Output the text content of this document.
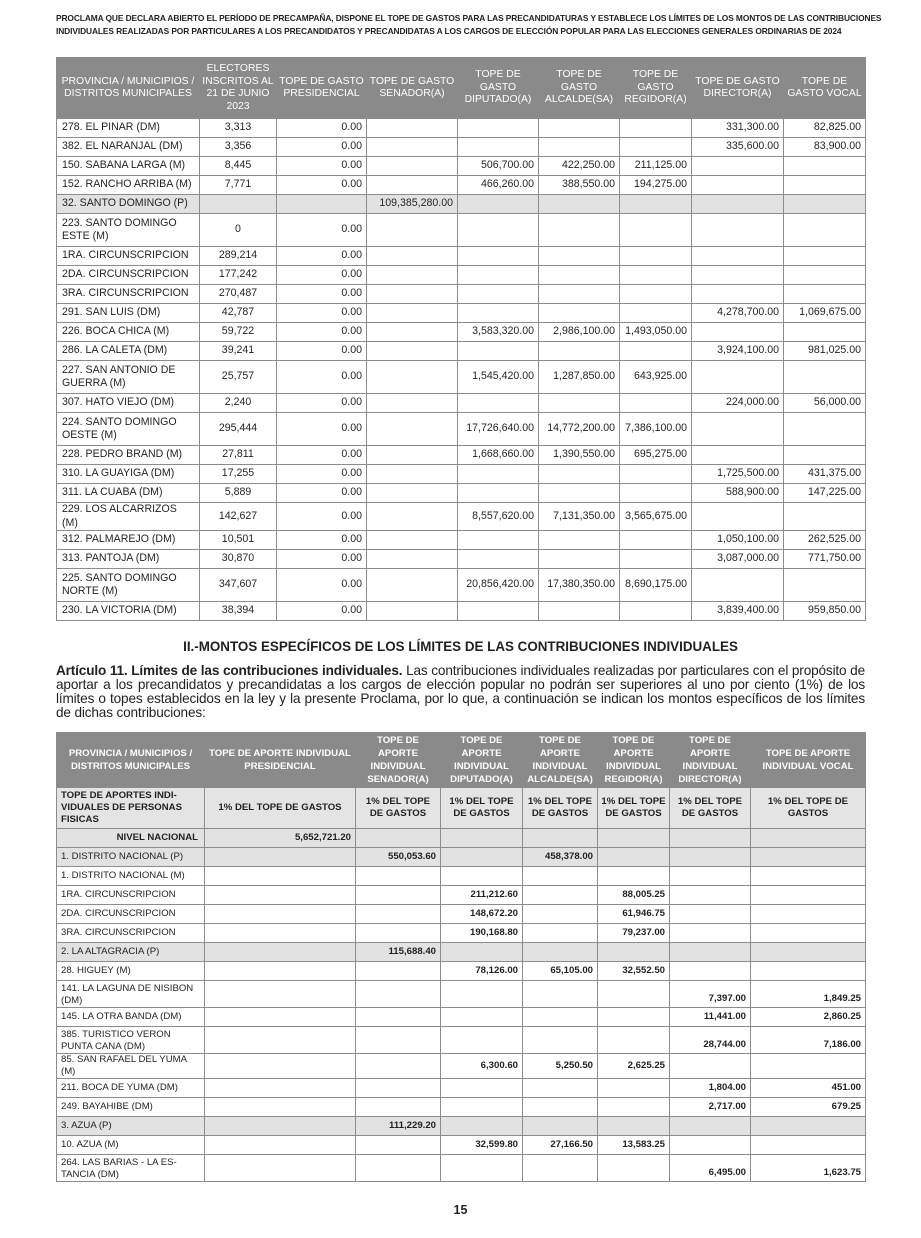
PROCLAMA QUE DECLARA ABIERTO EL PERÍODO DE PRECAMPAÑA, DISPONE EL TOPE DE GASTOS PARA LAS PRECANDIDATURAS Y ESTABLECE LOS LÍMITES DE LOS MONTOS DE LAS CONTRIBUCIONES
INDIVIDUALES REALIZADAS POR PARTICULARES A LOS PRECANDIDATOS Y PRECANDIDATAS A LOS CARGOS DE ELECCIÓN POPULAR PARA LAS ELECCIONES GENERALES ORDINARIAS DE 2024
PROVINCIA / MUNICIPIOS / DISTRITOS MUNICIPALES	ELECTORES INSCRITOS AL 21 DE JUNIO 2023	TOPE DE GASTO PRESIDENCIAL	TOPE DE GASTO SENADOR(A)	TOPE DE GASTO DIPUTADO(A)	TOPE DE GASTO ALCALDE(SA)	TOPE DE GASTO REGIDOR(A)	TOPE DE GASTO DIRECTOR(A)	TOPE DE GASTO VOCAL
278. EL PINAR (DM)	3,313	0.00					331,300.00	82,825.00
382. EL NARANJAL (DM)	3,356	0.00					335,600.00	83,900.00
150. SABANA LARGA (M)	8,445	0.00		506,700.00	422,250.00	211,125.00		
152. RANCHO ARRIBA (M)	7,771	0.00		466,260.00	388,550.00	194,275.00		
32. SANTO DOMINGO (P)			109,385,280.00					
223. SANTO DOMINGO ESTE (M)	0	0.00						
1RA. CIRCUNSCRIPCION	289,214	0.00						
2DA. CIRCUNSCRIPCION	177,242	0.00						
3RA. CIRCUNSCRIPCION	270,487	0.00						
291. SAN LUIS (DM)	42,787	0.00					4,278,700.00	1,069,675.00
226. BOCA CHICA (M)	59,722	0.00		3,583,320.00	2,986,100.00	1,493,050.00		
286. LA CALETA (DM)	39,241	0.00					3,924,100.00	981,025.00
227. SAN ANTONIO DE GUERRA (M)	25,757	0.00		1,545,420.00	1,287,850.00	643,925.00		
307. HATO VIEJO (DM)	2,240	0.00					224,000.00	56,000.00
224. SANTO DOMINGO OESTE (M)	295,444	0.00		17,726,640.00	14,772,200.00	7,386,100.00		
228. PEDRO BRAND (M)	27,811	0.00		1,668,660.00	1,390,550.00	695,275.00		
310. LA GUAYIGA (DM)	17,255	0.00					1,725,500.00	431,375.00
311. LA CUABA (DM)	5,889	0.00					588,900.00	147,225.00
229. LOS ALCARRIZOS (M)	142,627	0.00		8,557,620.00	7,131,350.00	3,565,675.00		
312. PALMAREJO (DM)	10,501	0.00					1,050,100.00	262,525.00
313. PANTOJA (DM)	30,870	0.00					3,087,000.00	771,750.00
225. SANTO DOMINGO NORTE (M)	347,607	0.00		20,856,420.00	17,380,350.00	8,690,175.00		
230. LA VICTORIA (DM)	38,394	0.00					3,839,400.00	959,850.00
II.-MONTOS ESPECÍFICOS DE LOS LÍMITES DE LAS CONTRIBUCIONES INDIVIDUALES
Artículo 11. Límites de las contribuciones individuales. Las contribuciones individuales realizadas por particulares con el propósito de aportar a los precandidatos y precandidatas a los cargos de elección popular no podrán ser superiores al uno por ciento (1%) de los límites o topes establecidos en la ley y la presente Proclama, por lo que, a continuación se indican los montos específicos de los límites de dichas contribuciones:
PROVINCIA / MUNICIPIOS / DISTRITOS MUNICIPALES	TOPE DE APORTE INDIVIDUAL PRESIDENCIAL	TOPE DE APORTE INDIVIDUAL SENADOR(A)	TOPE DE APORTE INDIVIDUAL DIPUTADO(A)	TOPE DE APORTE INDIVIDUAL ALCALDE(SA)	TOPE DE APORTE INDIVIDUAL REGIDOR(A)	TOPE DE APORTE INDIVIDUAL DIRECTOR(A)	TOPE DE APORTE INDIVIDUAL VOCAL
TOPE DE APORTES INDI-VIDUALES DE PERSONAS FISICAS	1% DEL TOPE DE GASTOS	1% DEL TOPE DE GASTOS	1% DEL TOPE DE GASTOS	1% DEL TOPE DE GASTOS	1% DEL TOPE DE GASTOS	1% DEL TOPE DE GASTOS	1% DEL TOPE DE GASTOS
NIVEL NACIONAL	5,652,721.20						
1. DISTRITO NACIONAL (P)		550,053.60		458,378.00			
1. DISTRITO NACIONAL (M)							
1RA. CIRCUNSCRIPCION			211,212.60		88,005.25		
2DA. CIRCUNSCRIPCION			148,672.20		61,946.75		
3RA. CIRCUNSCRIPCION			190,168.80		79,237.00		
2. LA ALTAGRACIA (P)		115,688.40					
28. HIGUEY (M)			78,126.00	65,105.00	32,552.50		
141. LA LAGUNA DE NISIBON (DM)						7,397.00	1,849.25
145. LA OTRA BANDA (DM)						11,441.00	2,860.25
385. TURISTICO VERON PUNTA CANA (DM)						28,744.00	7,186.00
85. SAN RAFAEL DEL YUMA (M)			6,300.60	5,250.50	2,625.25		
211. BOCA DE YUMA (DM)						1,804.00	451.00
249. BAYAHIBE (DM)						2,717.00	679.25
3. AZUA (P)		111,229.20					
10. AZUA (M)			32,599.80	27,166.50	13,583.25		
264. LAS BARIAS - LA ES-TANCIA (DM)						6,495.00	1,623.75
15
